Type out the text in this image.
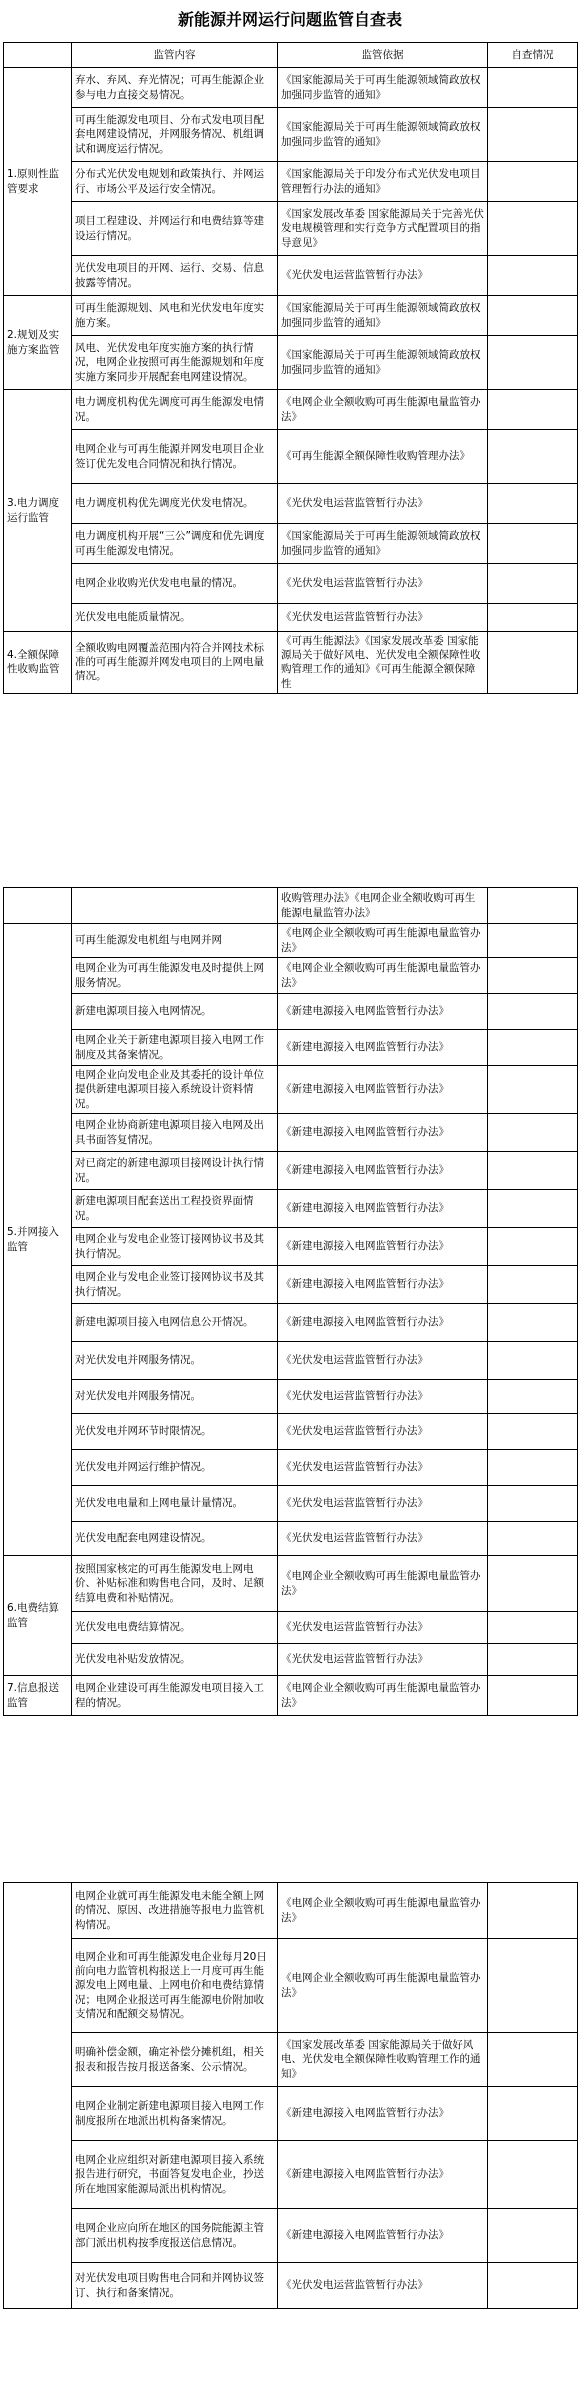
新能源并网运行问题监管自查表
	监管内容	监管依据	自查情况
1.原则性监管要求	弃水、弃风、弃光情况；可再生能源企业参与电力直接交易情况。	《国家能源局关于可再生能源领域简政放权加强同步监管的通知》	
	可再生能源发电项目、分布式发电项目配套电网建设情况，并网服务情况、机组调试和调度运行情况。	《国家能源局关于可再生能源领域简政放权加强同步监管的通知》	
	分布式光伏发电规划和政策执行、并网运行、市场公平及运行安全情况。	《国家能源局关于印发分布式光伏发电项目管理暂行办法的通知》	
	项目工程建设、并网运行和电费结算等建设运行情况。	《国家发展改革委 国家能源局关于完善光伏发电规模管理和实行竞争方式配置项目的指导意见》	
	光伏发电项目的开网、运行、交易、信息披露等情况。	《光伏发电运营监管暂行办法》	
2.规划及实施方案监管	可再生能源规划、风电和光伏发电年度实施方案。	《国家能源局关于可再生能源领域简政放权加强同步监管的通知》	
	风电、光伏发电年度实施方案的执行情况，电网企业按照可再生能源规划和年度实施方案同步开展配套电网建设情况。	《国家能源局关于可再生能源领域简政放权加强同步监管的通知》	
3.电力调度运行监管	电力调度机构优先调度可再生能源发电情况。	《电网企业全额收购可再生能源电量监管办法》	
	电网企业与可再生能源并网发电项目企业签订优先发电合同情况和执行情况。	《可再生能源全额保障性收购管理办法》	
	电力调度机构优先调度光伏发电情况。	《光伏发电运营监管暂行办法》	
	电力调度机构开展“三公”调度和优先调度可再生能源发电情况。	《国家能源局关于可再生能源领域简政放权加强同步监管的通知》	
	电网企业收购光伏发电电量的情况。	《光伏发电运营监管暂行办法》	
	光伏发电电能质量情况。	《光伏发电运营监管暂行办法》	
4.全额保障性收购监管	全额收购电网覆盖范围内符合并网技术标准的可再生能源并网发电项目的上网电量情况。	《可再生能源法》《国家发展改革委 国家能源局关于做好风电、光伏发电全额保障性收购管理工作的通知》《可再生能源全额保障性	
		收购管理办法》《电网企业全额收购可再生能源电量监管办法》	
5.并网接入监管	可再生能源发电机组与电网并网	《电网企业全额收购可再生能源电量监管办法》	
	电网企业为可再生能源发电及时提供上网服务情况。	《电网企业全额收购可再生能源电量监管办法》	
	新建电源项目接入电网情况。	《新建电源接入电网监管暂行办法》	
	电网企业关于新建电源项目接入电网工作制度及其备案情况。	《新建电源接入电网监管暂行办法》	
	电网企业向发电企业及其委托的设计单位提供新建电源项目接入系统设计资料情况。	《新建电源接入电网监管暂行办法》	
	电网企业协商新建电源项目接入电网及出具书面答复情况。	《新建电源接入电网监管暂行办法》	
	对已商定的新建电源项目接网设计执行情况。	《新建电源接入电网监管暂行办法》	
	新建电源项目配套送出工程投资界面情况。	《新建电源接入电网监管暂行办法》	
	电网企业与发电企业签订接网协议书及其执行情况。	《新建电源接入电网监管暂行办法》	
	电网企业与发电企业签订接网协议书及其执行情况。	《新建电源接入电网监管暂行办法》	
	新建电源项目接入电网信息公开情况。	《新建电源接入电网监管暂行办法》	
	对光伏发电并网服务情况。	《光伏发电运营监管暂行办法》	
	对光伏发电并网服务情况。	《光伏发电运营监管暂行办法》	
	光伏发电并网环节时限情况。	《光伏发电运营监管暂行办法》	
	光伏发电并网运行维护情况。	《光伏发电运营监管暂行办法》	
	光伏发电电量和上网电量计量情况。	《光伏发电运营监管暂行办法》	
	光伏发电配套电网建设情况。	《光伏发电运营监管暂行办法》	
6.电费结算监管	按照国家核定的可再生能源发电上网电价、补贴标准和购售电合同，及时、足额结算电费和补贴情况。	《电网企业全额收购可再生能源电量监管办法》	
	光伏发电电费结算情况。	《光伏发电运营监管暂行办法》	
	光伏发电补贴发放情况。	《光伏发电运营监管暂行办法》	
7.信息报送监管	电网企业建设可再生能源发电项目接入工程的情况。	《电网企业全额收购可再生能源电量监管办法》	
	电网企业就可再生能源发电未能全额上网的情况、原因、改进措施等报电力监管机构情况。	《电网企业全额收购可再生能源电量监管办法》	
	电网企业和可再生能源发电企业每月20日前向电力监管机构报送上一月度可再生能源发电上网电量、上网电价和电费结算情况；电网企业报送可再生能源电价附加收支情况和配额交易情况。	《电网企业全额收购可再生能源电量监管办法》	
	明确补偿金额，确定补偿分摊机组，相关报表和报告按月报送备案、公示情况。	《国家发展改革委 国家能源局关于做好风电、光伏发电全额保障性收购管理工作的通知》	
	电网企业制定新建电源项目接入电网工作制度报所在地派出机构备案情况。	《新建电源接入电网监管暂行办法》	
	电网企业应组织对新建电源项目接入系统报告进行研究，书面答复发电企业，抄送所在地国家能源局派出机构情况。	《新建电源接入电网监管暂行办法》	
	电网企业应向所在地区的国务院能源主管部门派出机构按季度报送信息情况。	《新建电源接入电网监管暂行办法》	
	对光伏发电项目购售电合同和并网协议签订、执行和备案情况。	《光伏发电运营监管暂行办法》	
